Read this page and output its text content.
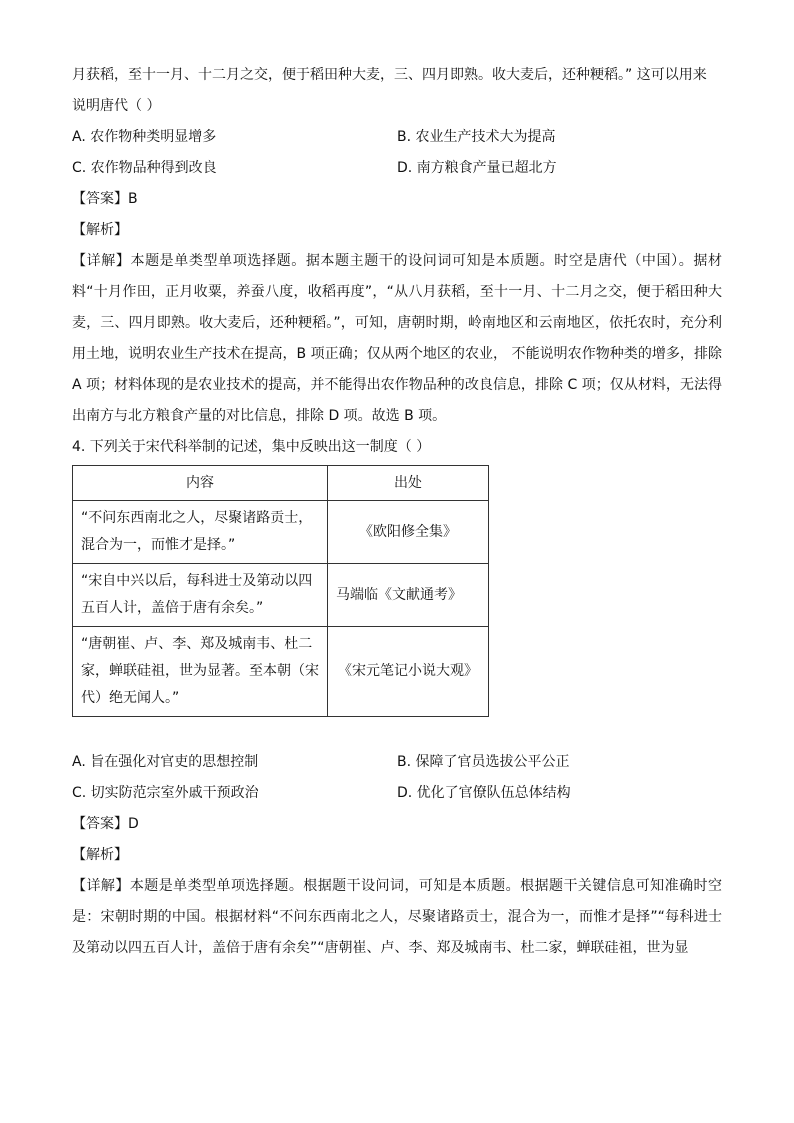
月获稻，至十一月、十二月之交，便于稻田种大麦，三、四月即熟。收大麦后，还种粳稻。” 这可以用来
说明唐代（ ）
A. 农作物种类明显增多	B. 农业生产技术大为提高
C. 农作物品种得到改良	D. 南方粮食产量已超北方
【答案】B
【解析】
【详解】本题是单类型单项选择题。据本题主题干的设问词可知是本质题。时空是唐代（中国）。据材料“十月作田，正月收粟，养蚕八度，收稻再度”，“从八月获稻，至十一月、十二月之交，便于稻田种大麦，三、四月即熟。收大麦后，还种粳稻。”，可知，唐朝时期，岭南地区和云南地区，依托农时，充分利用土地，说明农业生产技术在提高，B 项正确；仅从两个地区的农业， 不能说明农作物种类的增多，排除 A 项；材料体现的是农业技术的提高，并不能得出农作物品种的改良信息，排除 C 项；仅从材料，无法得出南方与北方粮食产量的对比信息，排除 D 项。故选 B 项。
4. 下列关于宋代科举制的记述，集中反映出这一制度（ ）
内容	出处
“不问东西南北之人，尽聚诸路贡士，混合为一，而惟才是择。”	《欧阳修全集》
“宋自中兴以后，每科进士及第动以四五百人计，盖倍于唐有余矣。”	马端临《文献通考》
“唐朝崔、卢、李、郑及城南韦、杜二家，蝉联硅祖，世为显著。至本朝（宋代）绝无闻人。”	《宋元笔记小说大观》
A. 旨在强化对官吏的思想控制	B. 保障了官员选拔公平公正
C. 切实防范宗室外戚干预政治	D. 优化了官僚队伍总体结构
【答案】D
【解析】
【详解】本题是单类型单项选择题。根据题干设问词，可知是本质题。根据题干关键信息可知准确时空是：宋朝时期的中国。根据材料“不问东西南北之人，尽聚诸路贡士，混合为一，而惟才是择”“每科进士及第动以四五百人计，盖倍于唐有余矣”“唐朝崔、卢、李、郑及城南韦、杜二家，蝉联硅祖，世为显
